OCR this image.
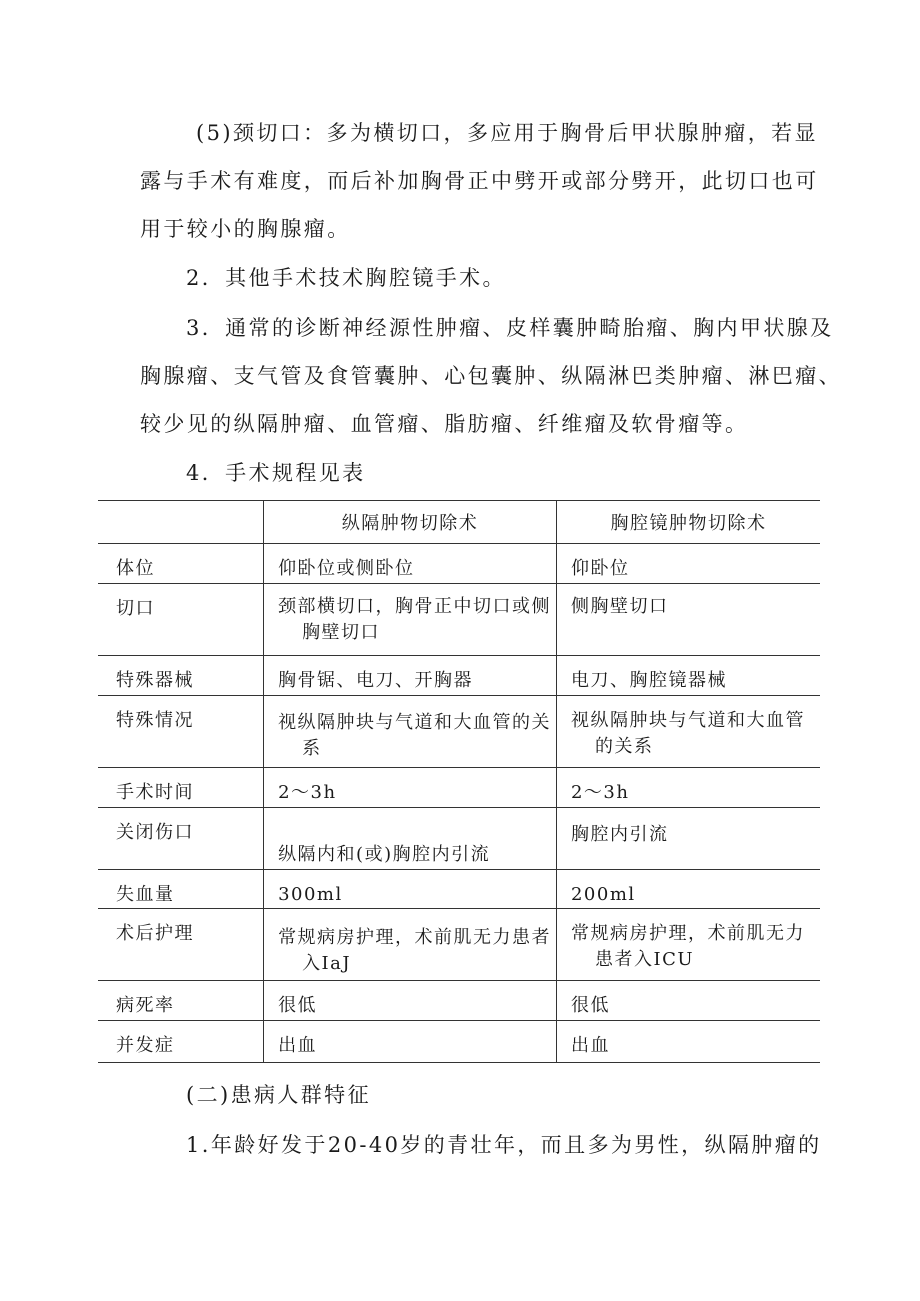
(5)颈切口：多为横切口，多应用于胸骨后甲状腺肿瘤，若显
露与手术有难度，而后补加胸骨正中劈开或部分劈开，此切口也可
用于较小的胸腺瘤。
2．其他手术技术胸腔镜手术。
3．通常的诊断神经源性肿瘤、皮样囊肿畸胎瘤、胸内甲状腺及
胸腺瘤、支气管及食管囊肿、心包囊肿、纵隔淋巴类肿瘤、淋巴瘤、
较少见的纵隔肿瘤、血管瘤、脂肪瘤、纤维瘤及软骨瘤等。
4．手术规程见表

	纵隔肿物切除术	胸腔镜肿物切除术

体位	仰卧位或侧卧位	仰卧位

切口	颈部横切口，胸骨正中切口或侧胸壁切口	侧胸壁切口

特殊器械	胸骨锯、电刀、开胸器	电刀、胸腔镜器械

特殊情况	视纵隔肿块与气道和大血管的关系	视纵隔肿块与气道和大血管的关系

手术时间	2～3h	2～3h

关闭伤口	纵隔内和(或)胸腔内引流	胸腔内引流

失血量	300ml	200ml

术后护理	常规病房护理，术前肌无力患者入IaJ	常规病房护理，术前肌无力患者入ICU

病死率	很低	很低

并发症	出血	出血
(二)患病人群特征
1.年龄好发于20-40岁的青壮年，而且多为男性，纵隔肿瘤的
